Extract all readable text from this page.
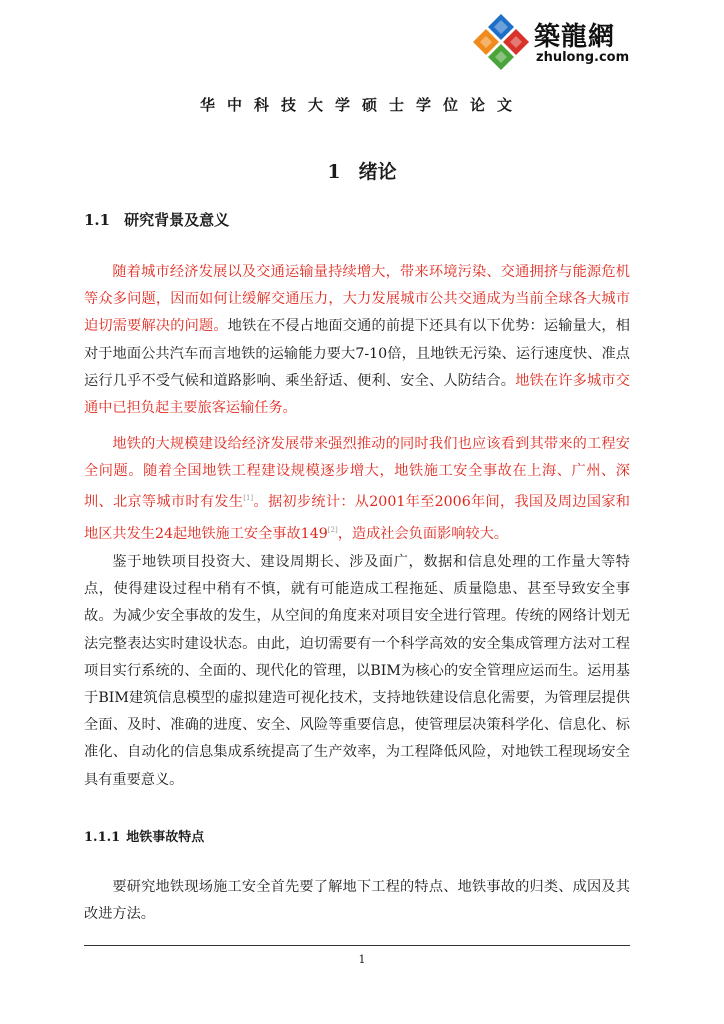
築龍網
zhulong.com
华中科技大学硕士学位论文
1 绪论
1.1 研究背景及意义

随着城市经济发展以及交通运输量持续增大，带来环境污染、交通拥挤与能源危机等众多问题，因而如何让缓解交通压力，大力发展城市公共交通成为当前全球各大城市迫切需要解决的问题。地铁在不侵占地面交通的前提下还具有以下优势：运输量大，相对于地面公共汽车而言地铁的运输能力要大7-10倍，且地铁无污染、运行速度快、准点运行几乎不受气候和道路影响、乘坐舒适、便利、安全、人防结合。地铁在许多城市交通中已担负起主要旅客运输任务。

地铁的大规模建设给经济发展带来强烈推动的同时我们也应该看到其带来的工程安全问题。随着全国地铁工程建设规模逐步增大，地铁施工安全事故在上海、广州、深圳、北京等城市时有发生[1]。据初步统计：从2001年至2006年间，我国及周边国家和地区共发生24起地铁施工安全事故149[2]，造成社会负面影响较大。

鉴于地铁项目投资大、建设周期长、涉及面广，数据和信息处理的工作量大等特点，使得建设过程中稍有不慎，就有可能造成工程拖延、质量隐患、甚至导致安全事故。为减少安全事故的发生，从空间的角度来对项目安全进行管理。传统的网络计划无法完整表达实时建设状态。由此，迫切需要有一个科学高效的安全集成管理方法对工程项目实行系统的、全面的、现代化的管理，以BIM为核心的安全管理应运而生。运用基于BIM建筑信息模型的虚拟建造可视化技术，支持地铁建设信息化需要，为管理层提供全面、及时、准确的进度、安全、风险等重要信息，使管理层决策科学化、信息化、标准化、自动化的信息集成系统提高了生产效率，为工程降低风险，对地铁工程现场安全具有重要意义。

1.1.1 地铁事故特点

要研究地铁现场施工安全首先要了解地下工程的特点、地铁事故的归类、成因及其改进方法。

1
